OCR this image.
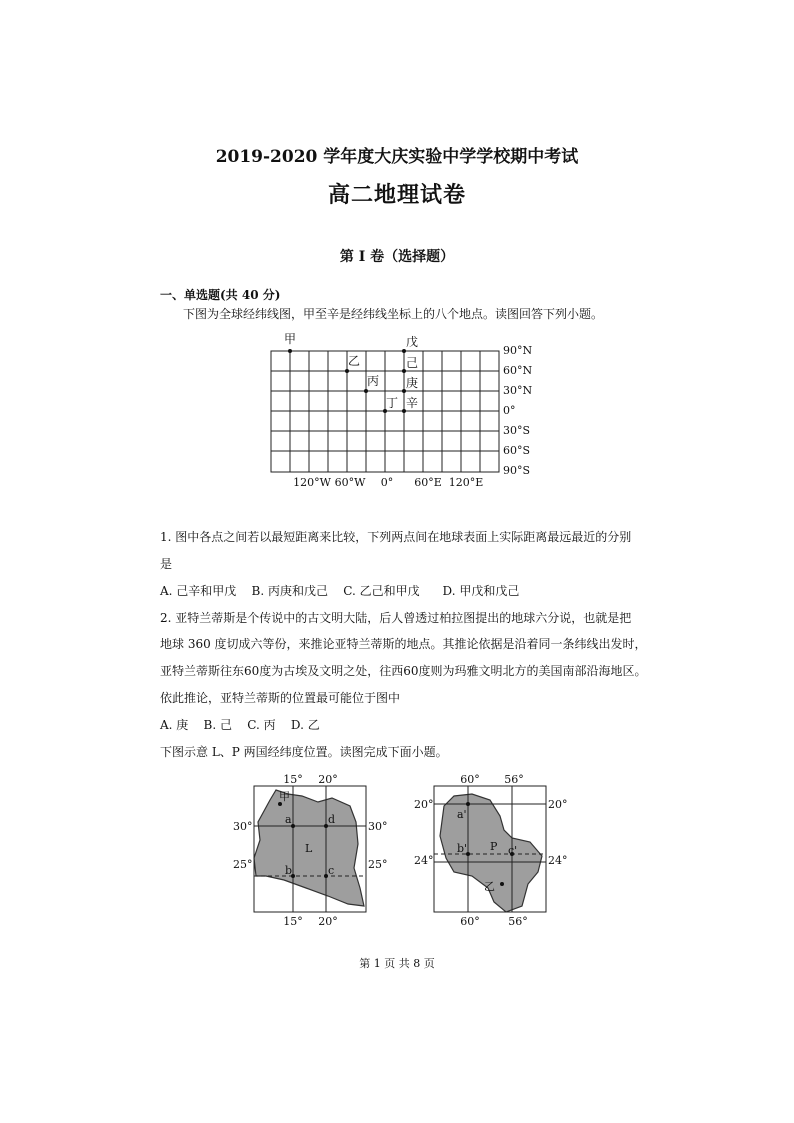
2019-2020 学年度大庆实验中学学校期中考试
高二地理试卷
第 I 卷（选择题）
一、单选题(共 40 分)
下图为全球经纬线图，甲至辛是经纬线坐标上的八个地点。读图回答下列小题。
甲
乙
丙
丁
戊
己
庚
辛
90°N
60°N
30°N
0°
30°S
60°S
90°S
120°W 60°W 0° 60°E 120°E
1. 图中各点之间若以最短距离来比较，下列两点间在地球表面上实际距离最远最近的分别
是
A. 己辛和甲戊    B. 丙庚和戊己    C. 乙己和甲戊      D. 甲戊和戊己
2. 亚特兰蒂斯是个传说中的古文明大陆，后人曾透过柏拉图提出的地球六分说，也就是把
地球 360 度切成六等份，来推论亚特兰蒂斯的地点。其推论依据是沿着同一条纬线出发时，
亚特兰蒂斯往东60度为古埃及文明之处，往西60度则为玛雅文明北方的美国南部沿海地区。
依此推论，亚特兰蒂斯的位置最可能位于图中
A. 庚    B. 己    C. 丙    D. 乙
下图示意 L、P 两国经纬度位置。读图完成下面小题。
甲
a	d
L
b	c
15° 20°
15° 20°
30°
25°
30°
25°
a'
b' P c'
乙
60° 56°
60°	56°
20°
24°
20°
24°
第 1 页 共 8 页
